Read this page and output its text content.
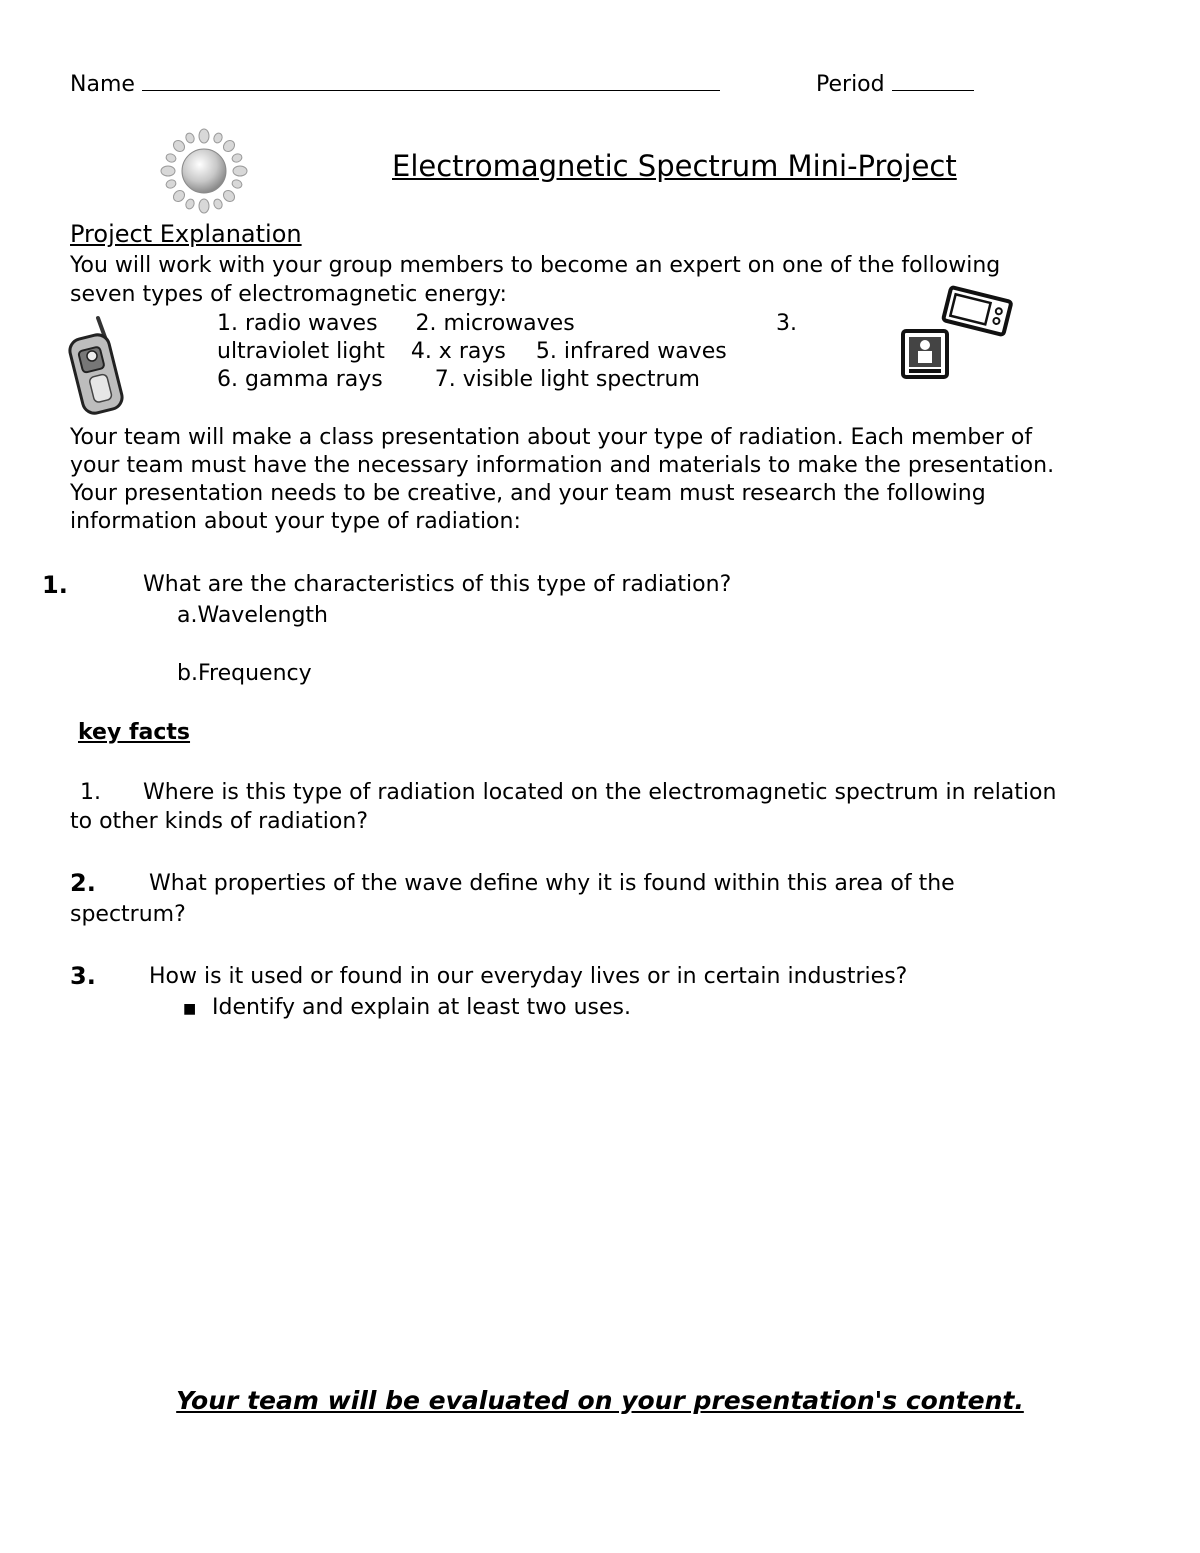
Name	Period
Electromagnetic Spectrum Mini-Project
Project Explanation
You will work with your group members to become an expert on one of the following
seven types of electromagnetic energy:
1. radio waves 2. microwaves	3.
ultraviolet light 4. x rays 5. infrared waves
6. gamma rays 7. visible light spectrum
Your team will make a class presentation about your type of radiation. Each member of
your team must have the necessary information and materials to make the presentation.
Your presentation needs to be creative, and your team must research the following
information about your type of radiation:
1.	What are the characteristics of this type of radiation?
a.Wavelength
b.Frequency
key facts
1. Where is this type of radiation located on the electromagnetic spectrum in relation
to other kinds of radiation?
2. What properties of the wave define why it is found within this area of the
spectrum?
3. How is it used or found in our everyday lives or in certain industries?
■ Identify and explain at least two uses.
Your team will be evaluated on your presentation's content.
